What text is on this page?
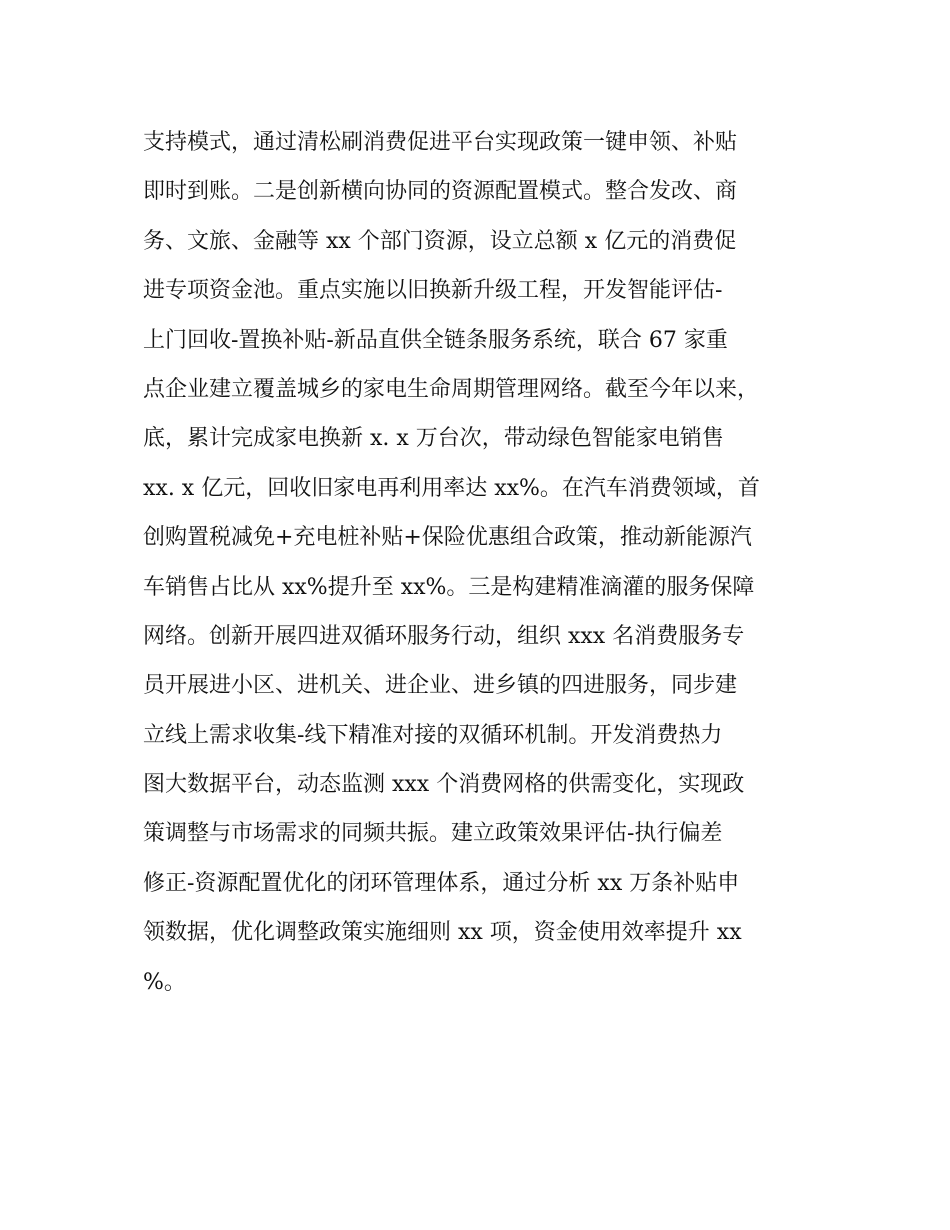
支持模式，通过清松刷消费促进平台实现政策一键申领、补贴
即时到账。二是创新横向协同的资源配置模式。整合发改、商
务、文旅、金融等 xx 个部门资源，设立总额 x 亿元的消费促
进专项资金池。重点实施以旧换新升级工程，开发智能评估-
上门回收-置换补贴-新品直供全链条服务系统，联合 67 家重
点企业建立覆盖城乡的家电生命周期管理网络。截至今年以来，
底，累计完成家电换新 x. x 万台次，带动绿色智能家电销售
xx. x 亿元，回收旧家电再利用率达 xx%。在汽车消费领域，首
创购置税减免+充电桩补贴+保险优惠组合政策，推动新能源汽
车销售占比从 xx%提升至 xx%。三是构建精准滴灌的服务保障
网络。创新开展四进双循环服务行动，组织 xxx 名消费服务专
员开展进小区、进机关、进企业、进乡镇的四进服务，同步建
立线上需求收集-线下精准对接的双循环机制。开发消费热力
图大数据平台，动态监测 xxx 个消费网格的供需变化，实现政
策调整与市场需求的同频共振。建立政策效果评估-执行偏差
修正-资源配置优化的闭环管理体系，通过分析 xx 万条补贴申
领数据，优化调整政策实施细则 xx 项，资金使用效率提升 xx
%。
